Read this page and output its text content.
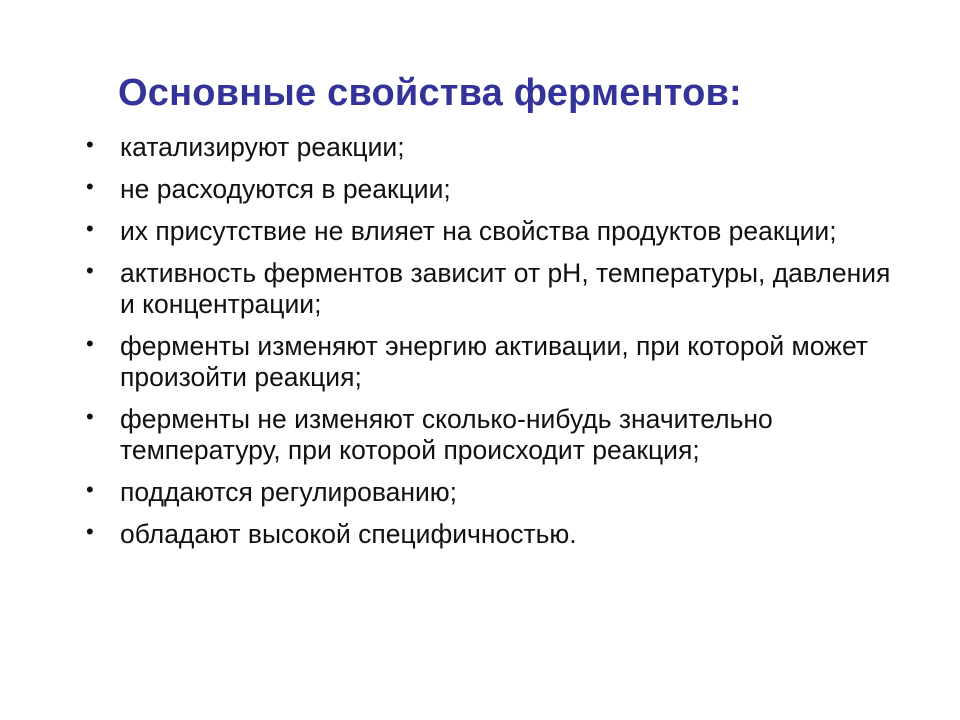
Основные свойства ферментов:
• катализируют реакции;
• не расходуются в реакции;
• их присутствие не влияет на свойства продуктов реакции;
• активность ферментов зависит от pH, температуры, давления и концентрации;
• ферменты изменяют энергию активации, при которой может произойти реакция;
• ферменты не изменяют сколько-нибудь значительно температуру, при которой происходит реакция;
• поддаются регулированию;
• обладают высокой специфичностью.
